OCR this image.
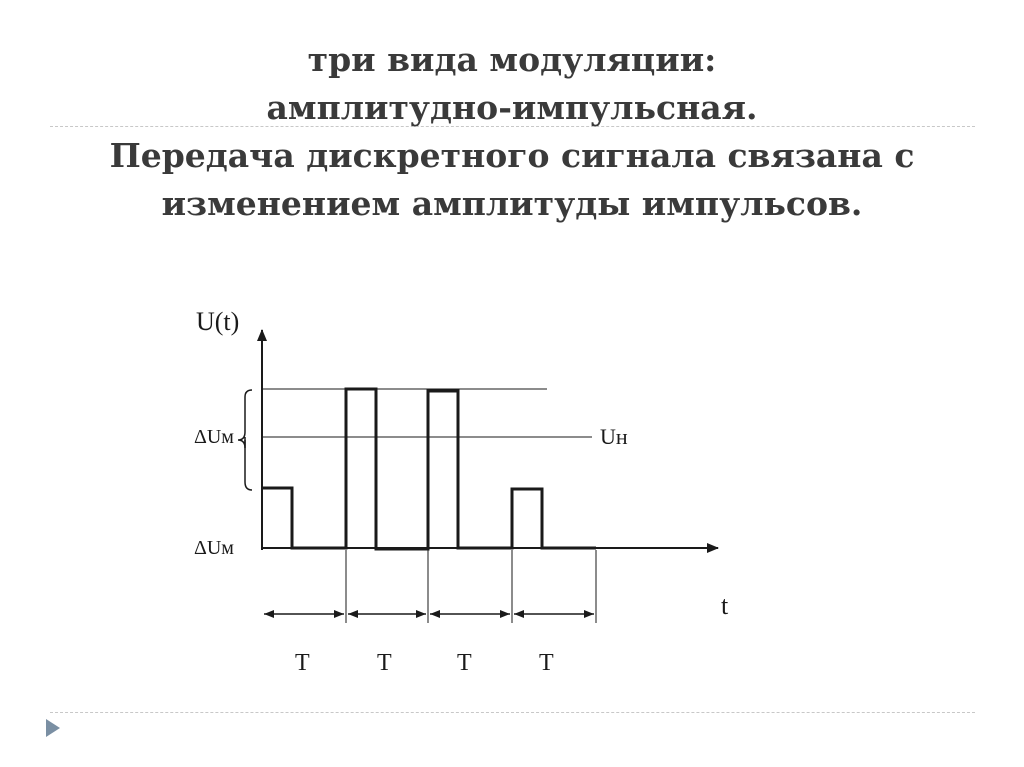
три вида модуляции:
амплитудно-импульсная.
Передача дискретного сигнала связана с
изменением амплитуды импульсов.
U(t)
ΔUм
ΔUм
Uн
t
T	T	T	T
